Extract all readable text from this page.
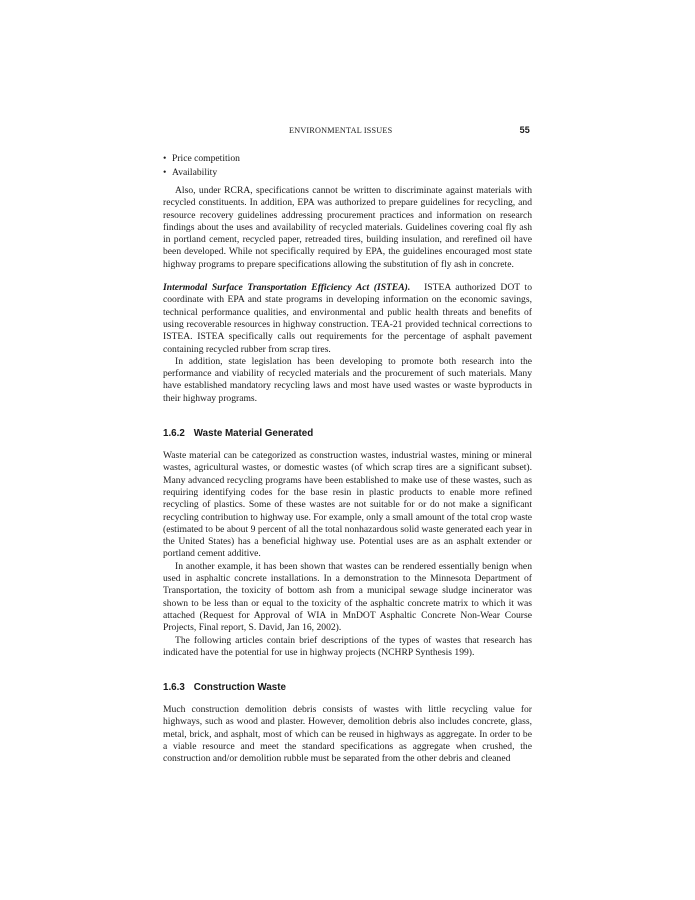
ENVIRONMENTAL ISSUES	55
• Price competition
• Availability

Also, under RCRA, specifications cannot be written to discriminate against materials with recycled constituents. In addition, EPA was authorized to prepare guidelines for recycling, and resource recovery guidelines addressing procurement practices and information on research findings about the uses and availability of recycled materials. Guidelines covering coal fly ash in portland cement, recycled paper, retreaded tires, building insulation, and rerefined oil have been developed. While not specifically required by EPA, the guidelines encouraged most state highway programs to prepare specifications allowing the substitution of fly ash in concrete.

Intermodal Surface Transportation Efficiency Act (ISTEA). ISTEA authorized DOT to coordinate with EPA and state programs in developing information on the economic savings, technical performance qualities, and environmental and public health threats and benefits of using recoverable resources in highway construction. TEA-21 provided technical corrections to ISTEA. ISTEA specifically calls out requirements for the percentage of asphalt pavement containing recycled rubber from scrap tires.

In addition, state legislation has been developing to promote both research into the performance and viability of recycled materials and the procurement of such materials. Many have established mandatory recycling laws and most have used wastes or waste byproducts in their highway programs.

1.6.2 Waste Material Generated

Waste material can be categorized as construction wastes, industrial wastes, mining or mineral wastes, agricultural wastes, or domestic wastes (of which scrap tires are a significant subset). Many advanced recycling programs have been established to make use of these wastes, such as requiring identifying codes for the base resin in plastic products to enable more refined recycling of plastics. Some of these wastes are not suitable for or do not make a significant recycling contribution to highway use. For example, only a small amount of the total crop waste (estimated to be about 9 percent of all the total nonhazardous solid waste generated each year in the United States) has a beneficial highway use. Potential uses are as an asphalt extender or portland cement additive.

In another example, it has been shown that wastes can be rendered essentially benign when used in asphaltic concrete installations. In a demonstration to the Minnesota Department of Transportation, the toxicity of bottom ash from a municipal sewage sludge incinerator was shown to be less than or equal to the toxicity of the asphaltic concrete matrix to which it was attached (Request for Approval of WIA in MnDOT Asphaltic Concrete Non-Wear Course Projects, Final report, S. David, Jan 16, 2002).

The following articles contain brief descriptions of the types of wastes that research has indicated have the potential for use in highway projects (NCHRP Synthesis 199).

1.6.3 Construction Waste

Much construction demolition debris consists of wastes with little recycling value for highways, such as wood and plaster. However, demolition debris also includes concrete, glass, metal, brick, and asphalt, most of which can be reused in highways as aggregate. In order to be a viable resource and meet the standard specifications as aggregate when crushed, the construction and/or demolition rubble must be separated from the other debris and cleaned
